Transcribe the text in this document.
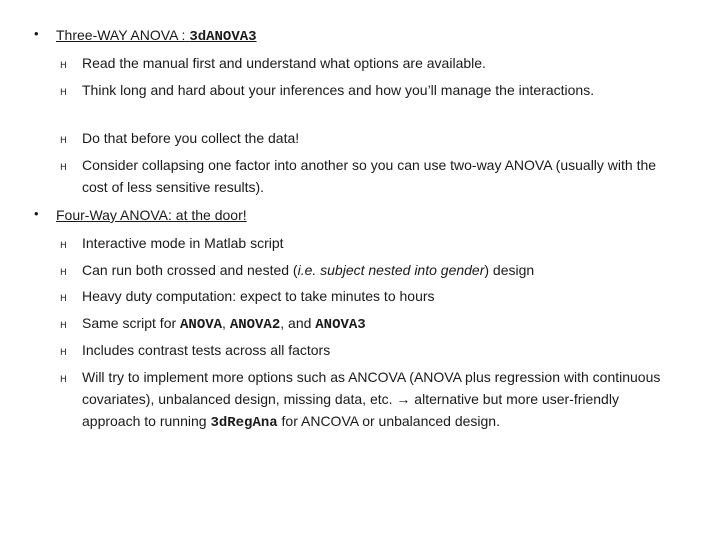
• Three-WAY ANOVA : 3dANOVA3
H Read the manual first and understand what options are available.
H Think long and hard about your inferences and how you’ll manage the interactions.
H Do that before you collect the data!
H Consider collapsing one factor into another so you can use two-way ANOVA (usually with the cost of less sensitive results).
• Four-Way ANOVA: at the door!
H Interactive mode in Matlab script
H Can run both crossed and nested (i.e. subject nested into gender) design
H Heavy duty computation: expect to take minutes to hours
H Same script for ANOVA, ANOVA2, and ANOVA3
H Includes contrast tests across all factors
H Will try to implement more options such as ANCOVA (ANOVA plus regression with continuous covariates), unbalanced design, missing data, etc. → alternative but more user-friendly approach to running 3dRegAna for ANCOVA or unbalanced design.
